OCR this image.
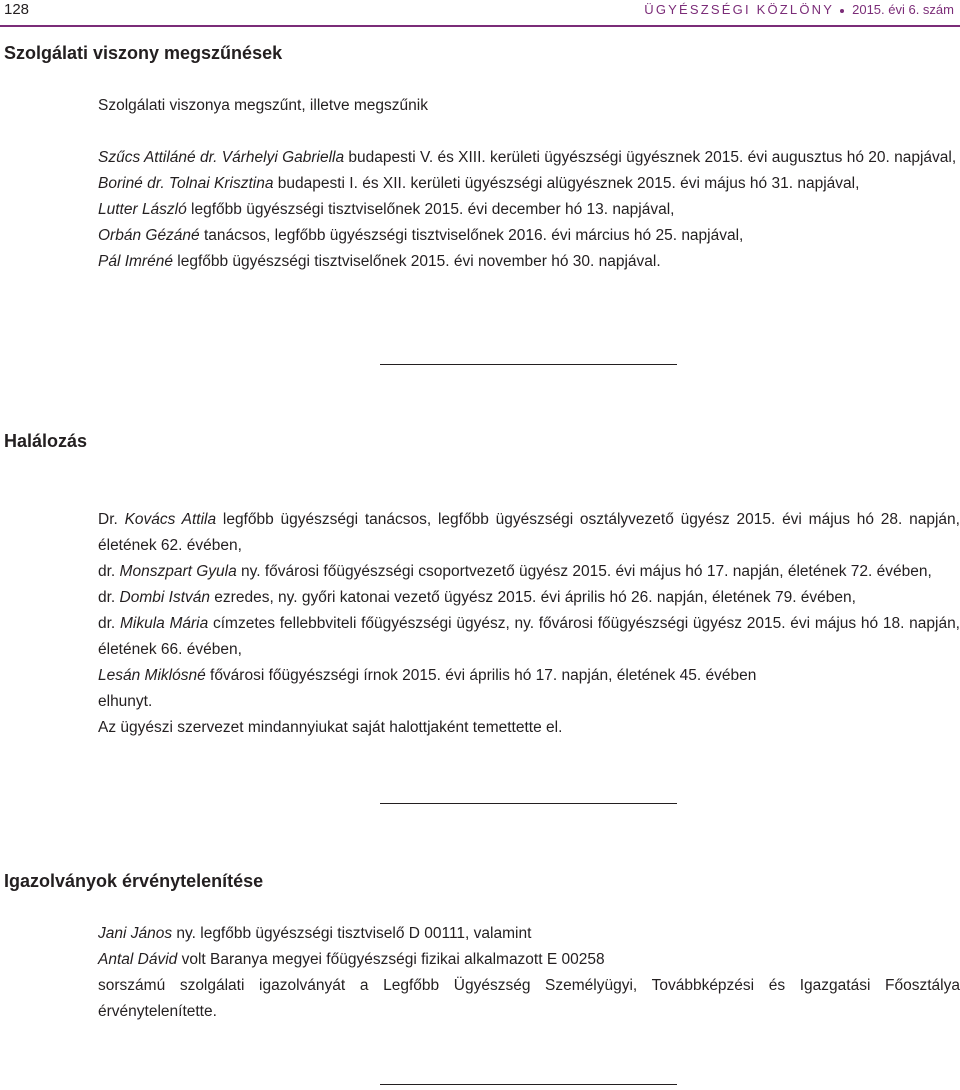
128	ÜGYÉSZSÉGI KÖZLÖNY 2015. évi 6. szám
Szolgálati viszony megszűnések

Szolgálati viszonya megszűnt, illetve megszűnik

Szűcs Attiláné dr. Várhelyi Gabriella budapesti V. és XIII. kerületi ügyészségi ügyésznek 2015. évi augusztus hó 20. napjával,

Boriné dr. Tolnai Krisztina budapesti I. és XII. kerületi ügyészségi alügyésznek 2015. évi május hó 31. napjával,

Lutter László legfőbb ügyészségi tisztviselőnek 2015. évi december hó 13. napjával,

Orbán Gézáné tanácsos, legfőbb ügyészségi tisztviselőnek 2016. évi március hó 25. napjával,

Pál Imréné legfőbb ügyészségi tisztviselőnek 2015. évi november hó 30. napjával.

Halálozás

Dr. Kovács Attila legfőbb ügyészségi tanácsos, legfőbb ügyészségi osztályvezető ügyész 2015. évi május hó 28. napján, életének 62. évében,

dr. Monszpart Gyula ny. fővárosi főügyészségi csoportvezető ügyész 2015. évi május hó 17. napján, életének 72. évében,

dr. Dombi István ezredes, ny. győri katonai vezető ügyész 2015. évi április hó 26. napján, életének 79. évében,

dr. Mikula Mária címzetes fellebbviteli főügyészségi ügyész, ny. fővárosi főügyészségi ügyész 2015. évi május hó 18. napján, életének 66. évében,

Lesán Miklósné fővárosi főügyészségi írnok 2015. évi április hó 17. napján, életének 45. évében

elhunyt.

Az ügyészi szervezet mindannyiukat saját halottjaként temettette el.

Igazolványok érvénytelenítése

Jani János ny. legfőbb ügyészségi tisztviselő D 00111, valamint

Antal Dávid volt Baranya megyei főügyészségi fizikai alkalmazott E 00258

sorszámú szolgálati igazolványát a Legfőbb Ügyészség Személyügyi, Továbbképzési és Igazgatási Főosztálya érvénytelenítette.
